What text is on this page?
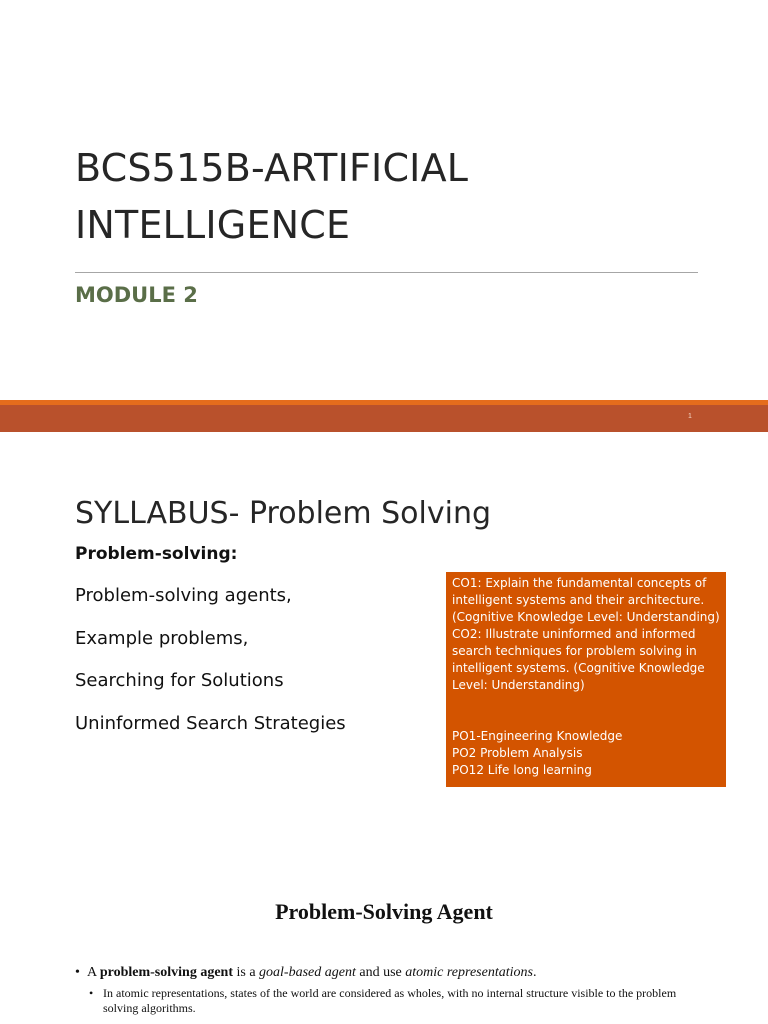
BCS515B-ARTIFICIAL
INTELLIGENCE
MODULE 2
1
SYLLABUS- Problem Solving
Problem-solving:
Problem-solving agents,
Example problems,
Searching for Solutions
Uninformed Search Strategies

CO1: Explain the fundamental concepts of intelligent systems and their architecture. (Cognitive Knowledge Level: Understanding) CO2: Illustrate uninformed and informed search techniques for problem solving in intelligent systems. (Cognitive Knowledge Level: Understanding)

PO1-Engineering Knowledge

PO2 Problem Analysis

PO12 Life long learning

Problem-Solving Agent
• A problem-solving agent is a goal-based agent and use atomic representations.
• In atomic representations, states of the world are considered as wholes, with no internal structure visible to the problem solving algorithms.
